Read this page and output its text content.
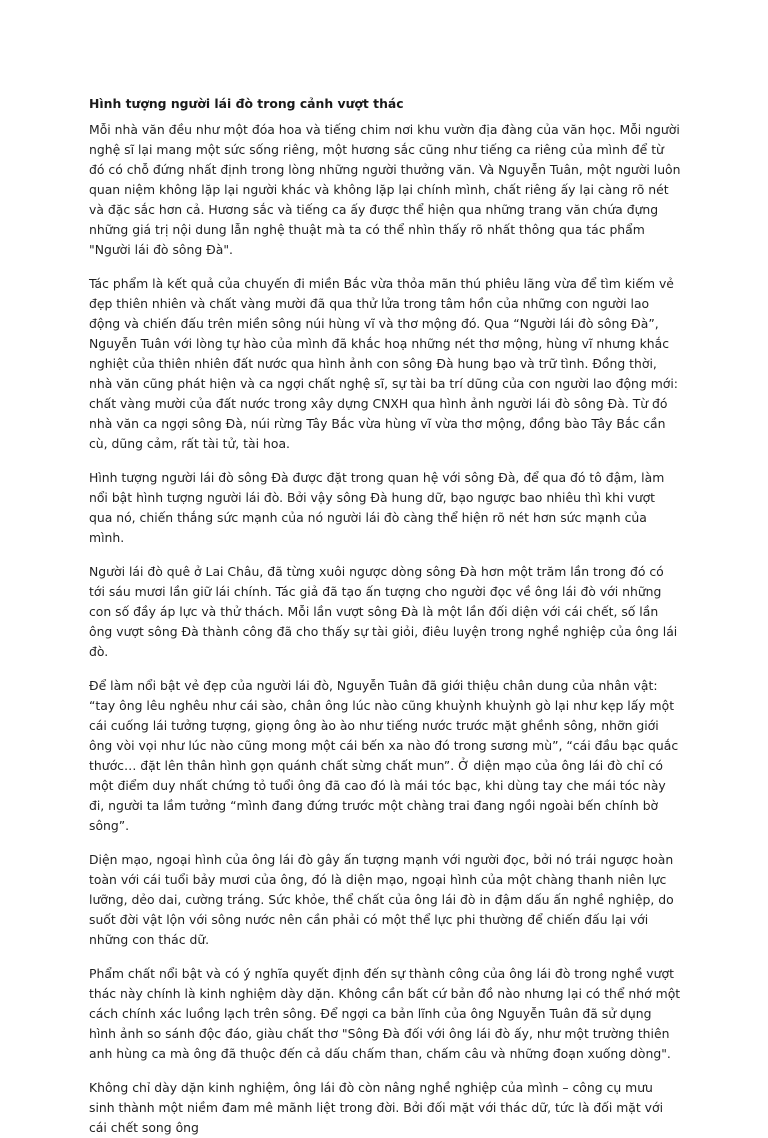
Hình tượng người lái đò trong cảnh vượt thác

Mỗi nhà văn đều như một đóa hoa và tiếng chim nơi khu vườn địa đàng của văn học. Mỗi người nghệ sĩ lại mang một sức sống riêng, một hương sắc cũng như tiếng ca riêng của mình để từ đó có chỗ đứng nhất định trong lòng những người thưởng văn. Và Nguyễn Tuân, một người luôn quan niệm không lặp lại người khác và không lặp lại chính mình, chất riêng ấy lại càng rõ nét và đặc sắc hơn cả. Hương sắc và tiếng ca ấy được thể hiện qua những trang văn chứa đựng những giá trị nội dung lẫn nghệ thuật mà ta có thể nhìn thấy rõ nhất thông qua tác phẩm "Người lái đò sông Đà".

Tác phẩm là kết quả của chuyến đi miền Bắc vừa thỏa mãn thú phiêu lãng vừa để tìm kiếm vẻ đẹp thiên nhiên và chất vàng mười đã qua thử lửa trong tâm hồn của những con người lao động và chiến đấu trên miền sông núi hùng vĩ và thơ mộng đó. Qua “Người lái đò sông Đà”, Nguyễn Tuân với lòng tự hào của mình đã khắc hoạ những nét thơ mộng, hùng vĩ nhưng khắc nghiệt của thiên nhiên đất nước qua hình ảnh con sông Đà hung bạo và trữ tình. Đồng thời, nhà văn cũng phát hiện và ca ngợi chất nghệ sĩ, sự tài ba trí dũng của con người lao động mới: chất vàng mười của đất nước trong xây dựng CNXH qua hình ảnh người lái đò sông Đà. Từ đó nhà văn ca ngợi sông Đà, núi rừng Tây Bắc vừa hùng vĩ vừa thơ mộng, đồng bào Tây Bắc cần cù, dũng cảm, rất tài tử, tài hoa.

Hình tượng người lái đò sông Đà được đặt trong quan hệ với sông Đà, để qua đó tô đậm, làm nổi bật hình tượng người lái đò. Bởi vậy sông Đà hung dữ, bạo ngược bao nhiêu thì khi vượt qua nó, chiến thắng sức mạnh của nó người lái đò càng thể hiện rõ nét hơn sức mạnh của mình.

Người lái đò quê ở Lai Châu, đã từng xuôi ngược dòng sông Đà hơn một trăm lần trong đó có tới sáu mươi lần giữ lái chính. Tác giả đã tạo ấn tượng cho người đọc về ông lái đò với những con số đầy áp lực và thử thách. Mỗi lần vượt sông Đà là một lần đối diện với cái chết, số lần ông vượt sông Đà thành công đã cho thấy sự tài giỏi, điêu luyện trong nghề nghiệp của ông lái đò.

Để làm nổi bật vẻ đẹp của người lái đò, Nguyễn Tuân đã giới thiệu chân dung của nhân vật: “tay ông lêu nghêu như cái sào, chân ông lúc nào cũng khuỳnh khuỳnh gò lại như kẹp lấy một cái cuống lái tưởng tượng, giọng ông ào ào như tiếng nước trước mặt ghềnh sông, nhỡn giới ông vòi vọi như lúc nào cũng mong một cái bến xa nào đó trong sương mù”, “cái đầu bạc quắc thước… đặt lên thân hình gọn quánh chất sừng chất mun”. Ở diện mạo của ông lái đò chỉ có một điểm duy nhất chứng tỏ tuổi ông đã cao đó là mái tóc bạc, khi dùng tay che mái tóc này đi, người ta lầm tưởng “mình đang đứng trước một chàng trai đang ngồi ngoài bến chính bờ sông”.

Diện mạo, ngoại hình của ông lái đò gây ấn tượng mạnh với người đọc, bởi nó trái ngược hoàn toàn với cái tuổi bảy mươi của ông, đó là diện mạo, ngoại hình của một chàng thanh niên lực lưỡng, dẻo dai, cường tráng. Sức khỏe, thể chất của ông lái đò in đậm dấu ấn nghề nghiệp, do suốt đời vật lộn với sông nước nên cần phải có một thể lực phi thường để chiến đấu lại với những con thác dữ.

Phẩm chất nổi bật và có ý nghĩa quyết định đến sự thành công của ông lái đò trong nghề vượt thác này chính là kinh nghiệm dày dặn. Không cần bất cứ bản đồ nào nhưng lại có thể nhớ một cách chính xác luồng lạch trên sông. Để ngợi ca bản lĩnh của ông Nguyễn Tuân đã sử dụng hình ảnh so sánh độc đáo, giàu chất thơ "Sông Đà đối với ông lái đò ấy, như một trường thiên anh hùng ca mà ông đã thuộc đến cả dấu chấm than, chấm câu và những đoạn xuống dòng".

Không chỉ dày dặn kinh nghiệm, ông lái đò còn nâng nghề nghiệp của mình – công cụ mưu sinh thành một niềm đam mê mãnh liệt trong đời. Bởi đối mặt với thác dữ, tức là đối mặt với cái chết song ông
